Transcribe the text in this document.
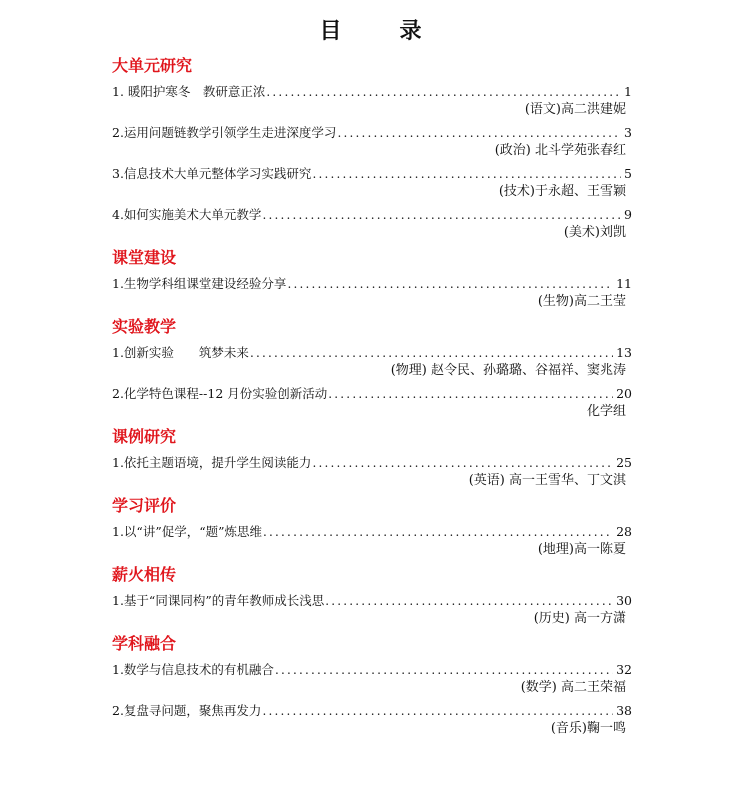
目　录
大单元研究
1. 暖阳护寒冬　教研意正浓 .....	1
(语文)高二洪建妮
2.运用问题链教学引领学生走进深度学习 .....	3
(政治) 北斗学苑张春红
3.信息技术大单元整体学习实践研究 .....	5
(技术)于永超、王雪颖
4.如何实施美术大单元教学 .....	9
(美术)刘凯
课堂建设
1.生物学科组课堂建设经验分享 .....	11
(生物)高二王莹
实验教学
1.创新实验　　筑梦未来 .....	13
(物理) 赵令民、孙璐璐、谷福祥、窦兆涛
2.化学特色课程--12 月份实验创新活动 .....	20
化学组
课例研究
1.依托主题语境，提升学生阅读能力 .....	25
(英语) 高一王雪华、丁文淇
学习评价
1.以“讲”促学，“题”炼思维 .....	28
(地理)高一陈夏
薪火相传
1.基于“同课同构”的青年教师成长浅思 .....	30
(历史) 高一方潇
学科融合
1.数学与信息技术的有机融合 .....	32
(数学) 高二王荣福
2.复盘寻问题，聚焦再发力 .....	38
(音乐)鞠一鸣
